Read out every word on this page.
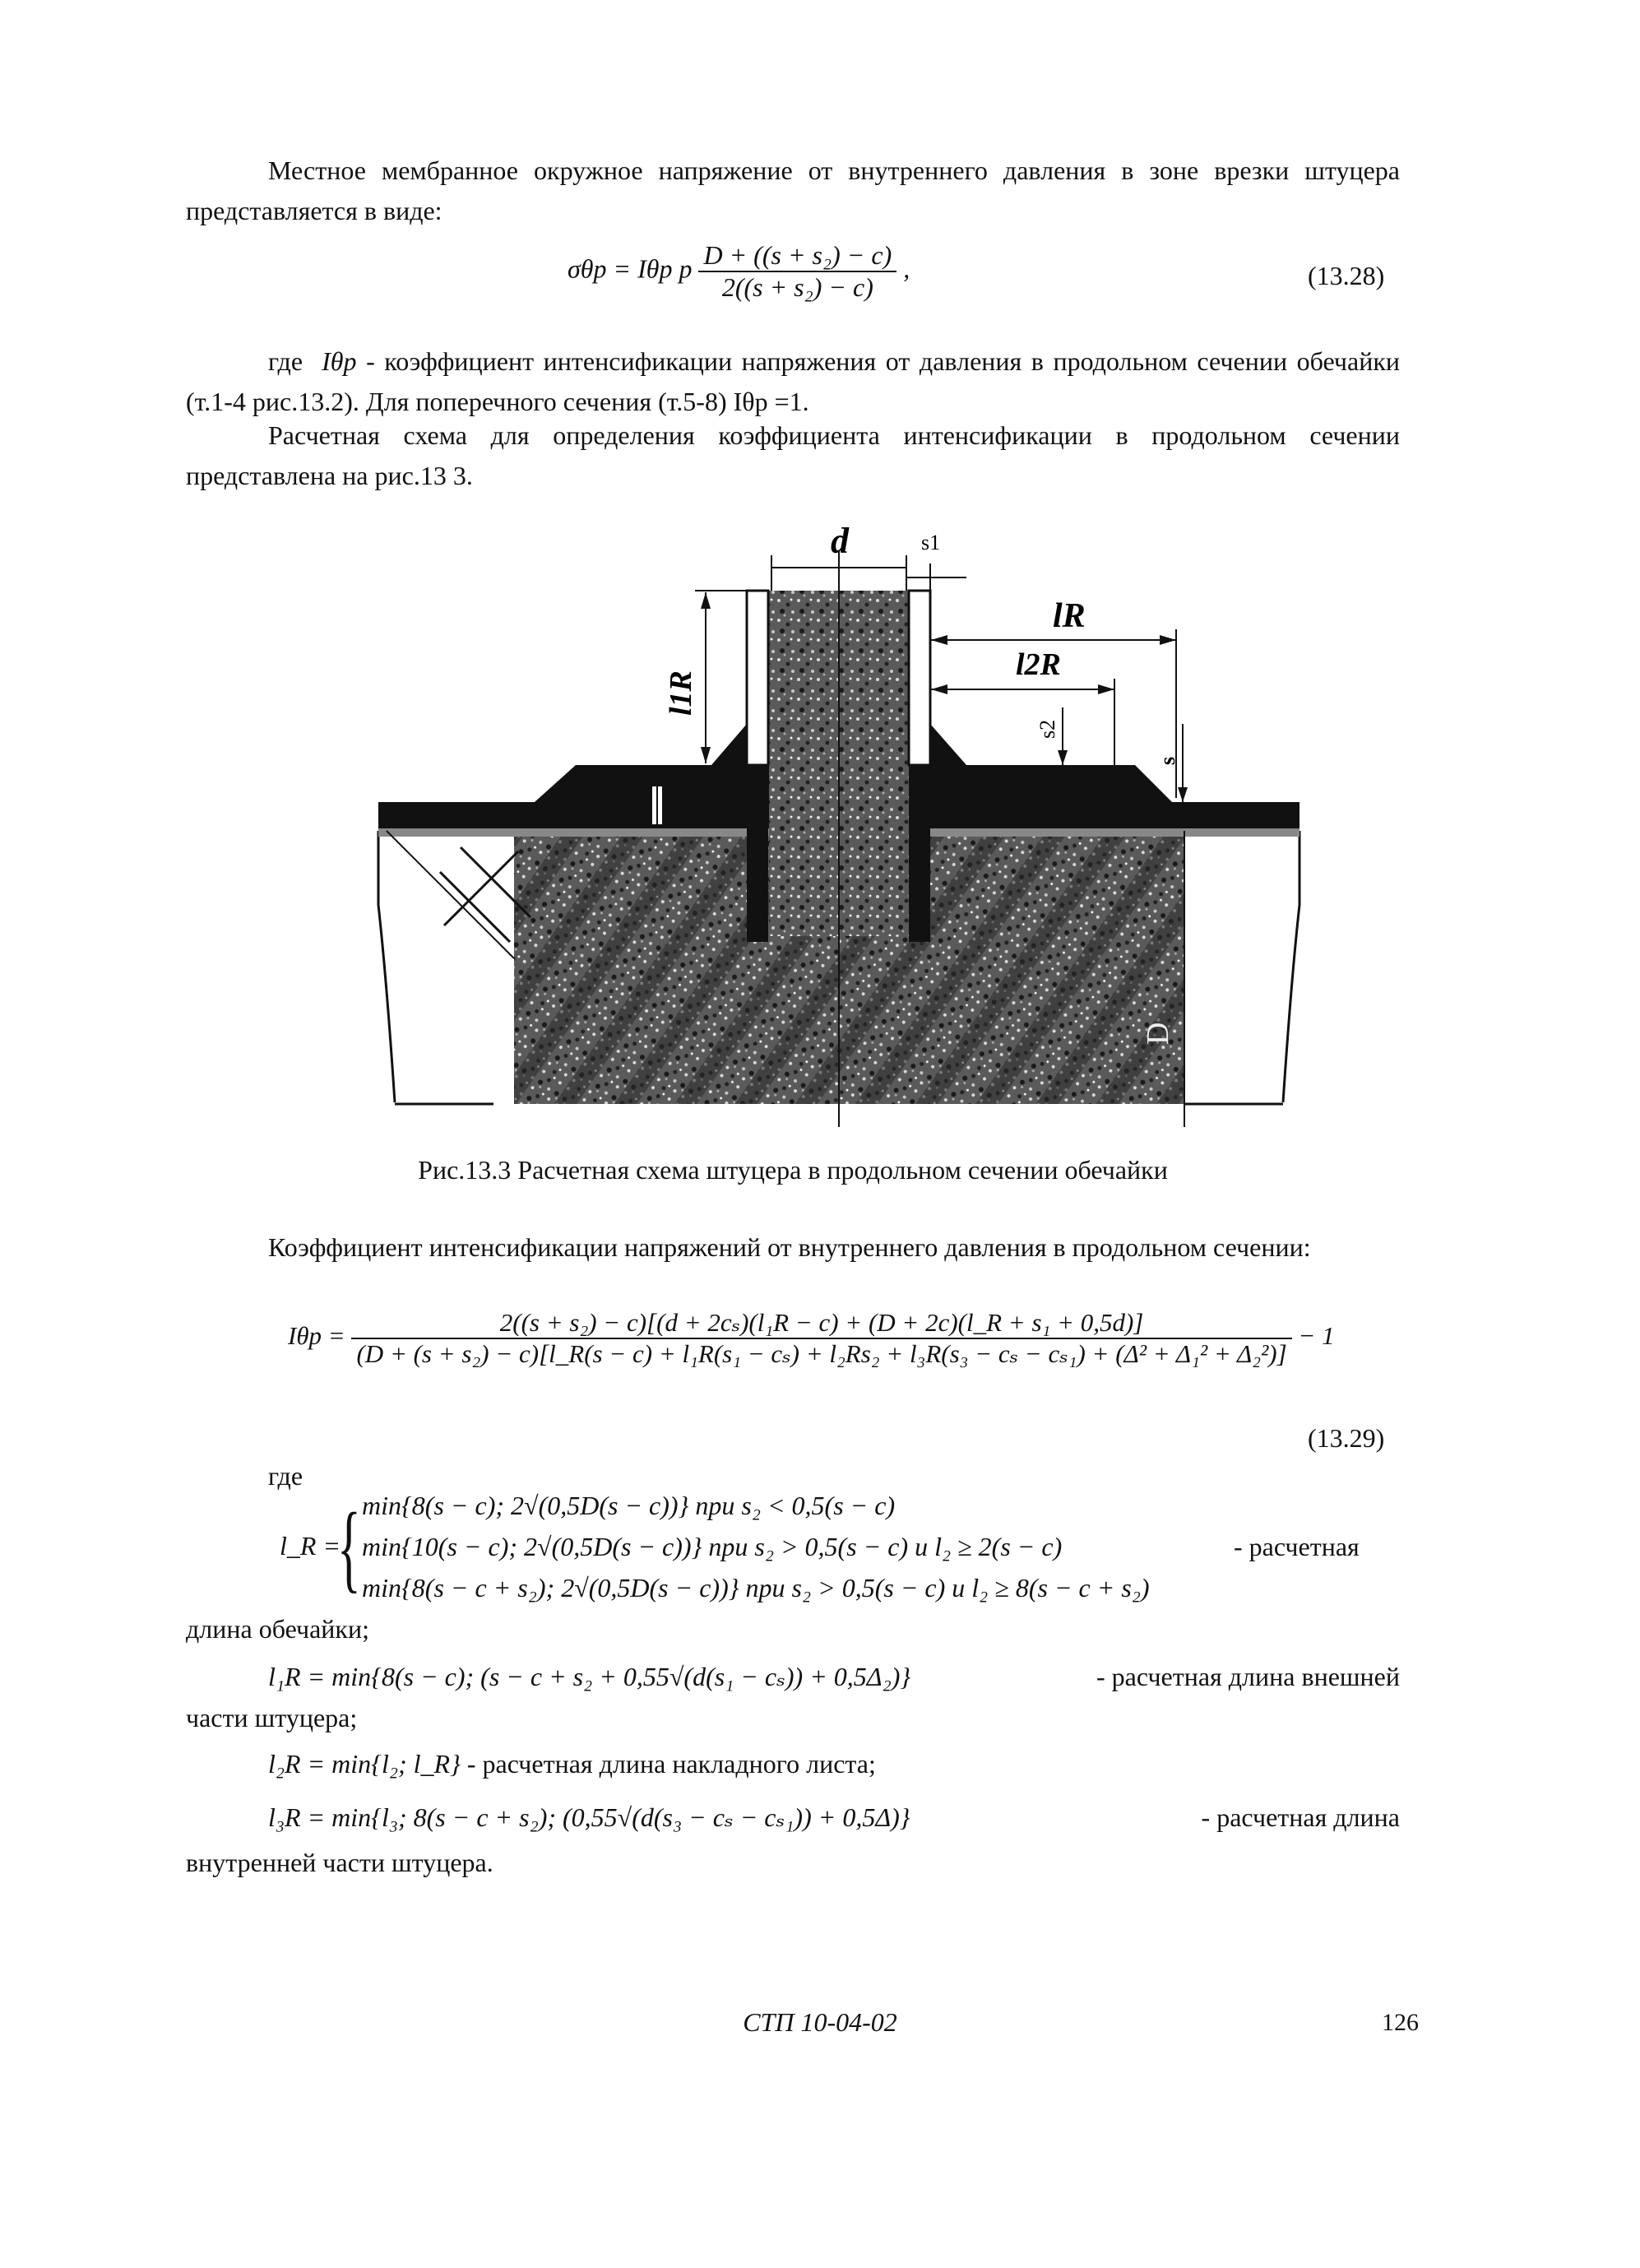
Местное мембранное окружное напряжение от внутреннего давления в зоне врезки штуцера представляется в виде:
σθp = Iθp p $\frac{\text{D + ((s + s₂) − c)}}{\text{2((s + s₂) − c)}}$ ,	(13.28)
где Iθp - коэффициент интенсификации напряжения от давления в продольном сечении обечайки (т.1-4 рис.13.2). Для поперечного сечения (т.5-8) Iθp =1.
Расчетная схема для определения коэффициента интенсификации в продольном сечении представлена на рис.13 3.
d	s1
lR
l2R
l1R
s2
s
D
Рис.13.3 Расчетная схема штуцера в продольном сечении обечайки
Коэффициент интенсификации напряжений от внутреннего давления в продольном сечении:
Iθp =	2((s + s₂) − c)[(d + 2cₛ)(l₁R − c) + (D + 2c)(l_R + s₁ + 0,5d)]
(D + (s + s₂) − c)[l_R(s − c) + l₁R(s₁ − cₛ) + l₂Rs₂ + l₃R(s₃ − cₛ − cₛ₁) + (Δ² + Δ₁² + Δ₂²)]
− 1
(13.29)
где
l_R =
{ min{8(s − c); 2√(0,5D(s − c))} при s₂ < 0,5(s − c)
min{10(s − c); 2√(0,5D(s − c))} при s₂ > 0,5(s − c) и l₂ ≥ 2(s − c)
min{8(s − c + s₂); 2√(0,5D(s − c))} при s₂ > 0,5(s − c) и l₂ ≥ 8(s − c + s₂)
- расчетная
длина обечайки;
l₁R = min{8(s − c); (s − c + s₂ + 0,55√(d(s₁ − cₛ)) + 0,5Δ₂)}	- расчетная длина внешней
части штуцера;
l₂R = min{l₂; l_R} - расчетная длина накладного листа;
l₃R = min{l₃; 8(s − c + s₂); (0,55√(d(s₃ − cₛ − cₛ₁)) + 0,5Δ)}	- расчетная длина
внутренней части штуцера.
СТП 10-04-02	126
